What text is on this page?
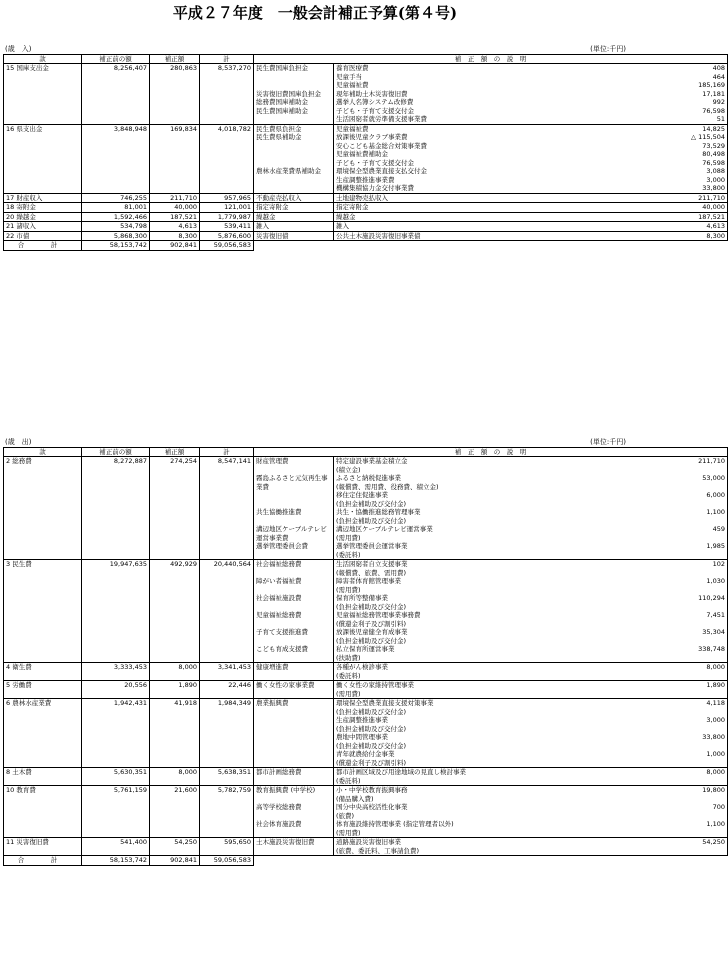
平成２７年度　一般会計補正予算(第４号)
(歳　入)	(単位:千円)
款	補正前の額	補正額	計	補　正　額　の　説　明		
15 国庫支出金	8,256,407	280,863	8,537,270	民生費国庫負担金	養育医療費	408
					児童手当	464
					児童福祉費	185,169
				災害復旧費国庫負担金	現年補助土木災害復旧費	17,181
				総務費国庫補助金	選挙人名簿システム改修費	992
				民生費国庫補助金	子ども・子育て支援交付金	76,598
					生活困窮者就労準備支援事業費	51
16 県支出金	3,848,948	169,834	4,018,782	民生費県負担金	児童福祉費	14,825
				民生費県補助金	放課後児童クラブ事業費	△ 115,504
					安心こども基金総合対策事業費	73,529
					児童福祉費補助金	80,498
					子ども・子育て支援交付金	76,598
				農林水産業費県補助金	環境保全型農業直接支払交付金	3,088
					生産調整推進事業費	3,000
					機構集積協力金交付事業費	33,800
17 財産収入	746,255	211,710	957,965	不動産売払収入	土地建物売払収入	211,710
18 寄附金	81,001	40,000	121,001	指定寄附金	指定寄附金	40,000
20 繰越金	1,592,466	187,521	1,779,987	繰越金	繰越金	187,521
21 諸収入	534,798	4,613	539,411	雑入	雑入	4,613
22 市債	5,868,300	8,300	5,876,600	災害復旧債	公共土木施設災害復旧事業債	8,300
合　計	58,153,742	902,841	59,056,583			
(歳　出)	(単位:千円)
款	補正前の額	補正額	計	補　正　額　の　説　明		
2 総務費	8,272,887	274,254	8,547,141	財産管理費	特定建設事業基金積立金	211,710
					(積立金)	
				霧島ふるさと元気再生事	ふるさと納税促進事業	53,000
				業費	(報償費、需用費、役務費、積立金)	
					移住定住促進事業	6,000
					(負担金補助及び交付金)	
				共生協働推進費	共生・協働推進総務管理事業	1,100
					(負担金補助及び交付金)	
				溝辺地区ケーブルテレビ	溝辺地区ケーブルテレビ運営事業	459
				運営事業費	(需用費)	
				選挙管理委員会費	選挙管理委員会運営事業	1,985
					(委託料)	
3 民生費	19,947,635	492,929	20,440,564	社会福祉総務費	生活困窮者自立支援事業	102
					(報償費、旅費、需用費)	
				障がい者福祉費	障害者体育館管理事業	1,030
					(需用費)	
				社会福祉施設費	保育所等整備事業	110,294
					(負担金補助及び交付金)	
				児童福祉総務費	児童福祉総務管理事業事務費	7,451
					(償還金利子及び割引料)	
				子育て支援推進費	放課後児童健全育成事業	35,304
					(負担金補助及び交付金)	
				こども育成支援費	私立保育所運営事業	338,748
					(扶助費)	
4 衛生費	3,333,453	8,000	3,341,453	健康増進費	各種がん検診事業	8,000
					(委託料)	
5 労働費	20,556	1,890	22,446	働く女性の家事業費	働く女性の家維持管理事業	1,890
					(需用費)	
6 農林水産業費	1,942,431	41,918	1,984,349	農業振興費	環境保全型農業直接支援対策事業	4,118
					(負担金補助及び交付金)	
					生産調整推進事業	3,000
					(負担金補助及び交付金)	
					農地中間管理事業	33,800
					(負担金補助及び交付金)	
					青年就農給付金事業	1,000
					(償還金利子及び割引料)	
8 土木費	5,630,351	8,000	5,638,351	都市計画総務費	都市計画区域及び用途地域の見直し検討事業	8,000
					(委託料)	
10 教育費	5,761,159	21,600	5,782,759	教育振興費 (中学校)	小・中学校教育振興事務	19,800
					(備品購入費)	
				高等学校総務費	国分中央高校活性化事業	700
					(旅費)	
				社会体育施設費	体育施設維持管理事業 (指定管理者以外)	1,100
					(需用費)	
11 災害復旧費	541,400	54,250	595,650	土木施設災害復旧費	道路施設災害復旧事業	54,250
					(旅費、委託料、工事請負費)	
合　計	58,153,742	902,841	59,056,583			
